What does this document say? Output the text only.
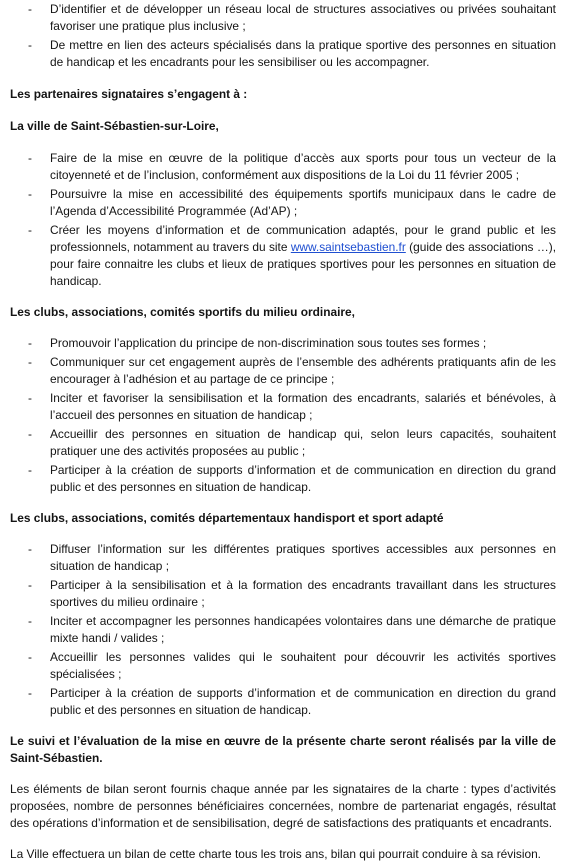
- D’identifier et de développer un réseau local de structures associatives ou privées souhaitant favoriser une pratique plus inclusive ;
- De mettre en lien des acteurs spécialisés dans la pratique sportive des personnes en situation de handicap et les encadrants pour les sensibiliser ou les accompagner.

Les partenaires signataires s’engagent à :

La ville de Saint-Sébastien-sur-Loire,

- Faire de la mise en œuvre de la politique d’accès aux sports pour tous un vecteur de la citoyenneté et de l’inclusion, conformément aux dispositions de la Loi du 11 février 2005 ;
- Poursuivre la mise en accessibilité des équipements sportifs municipaux dans le cadre de l’Agenda d’Accessibilité Programmée (Ad’AP) ;
- Créer les moyens d’information et de communication adaptés, pour le grand public et les professionnels, notamment au travers du site www.saintsebastien.fr (guide des associations …), pour faire connaitre les clubs et lieux de pratiques sportives pour les personnes en situation de handicap.

Les clubs, associations, comités sportifs du milieu ordinaire,

- Promouvoir l’application du principe de non-discrimination sous toutes ses formes ;
- Communiquer sur cet engagement auprès de l’ensemble des adhérents pratiquants afin de les encourager à l’adhésion et au partage de ce principe ;
- Inciter et favoriser la sensibilisation et la formation des encadrants, salariés et bénévoles, à l’accueil des personnes en situation de handicap ;
- Accueillir des personnes en situation de handicap qui, selon leurs capacités, souhaitent pratiquer une des activités proposées au public ;
- Participer à la création de supports d’information et de communication en direction du grand public et des personnes en situation de handicap.

Les clubs, associations, comités départementaux handisport et sport adapté

- Diffuser l’information sur les différentes pratiques sportives accessibles aux personnes en situation de handicap ;
- Participer à la sensibilisation et à la formation des encadrants travaillant dans les structures sportives du milieu ordinaire ;
- Inciter et accompagner les personnes handicapées volontaires dans une démarche de pratique mixte handi / valides ;
- Accueillir les personnes valides qui le souhaitent pour découvrir les activités sportives spécialisées ;
- Participer à la création de supports d’information et de communication en direction du grand public et des personnes en situation de handicap.

Le suivi et l’évaluation de la mise en œuvre de la présente charte seront réalisés par la ville de Saint-Sébastien.

Les éléments de bilan seront fournis chaque année par les signataires de la charte : types d’activités proposées, nombre de personnes bénéficiaires concernées, nombre de partenariat engagés, résultat des opérations d’information et de sensibilisation, degré de satisfactions des pratiquants et encadrants.

La Ville effectuera un bilan de cette charte tous les trois ans, bilan qui pourrait conduire à sa révision.
